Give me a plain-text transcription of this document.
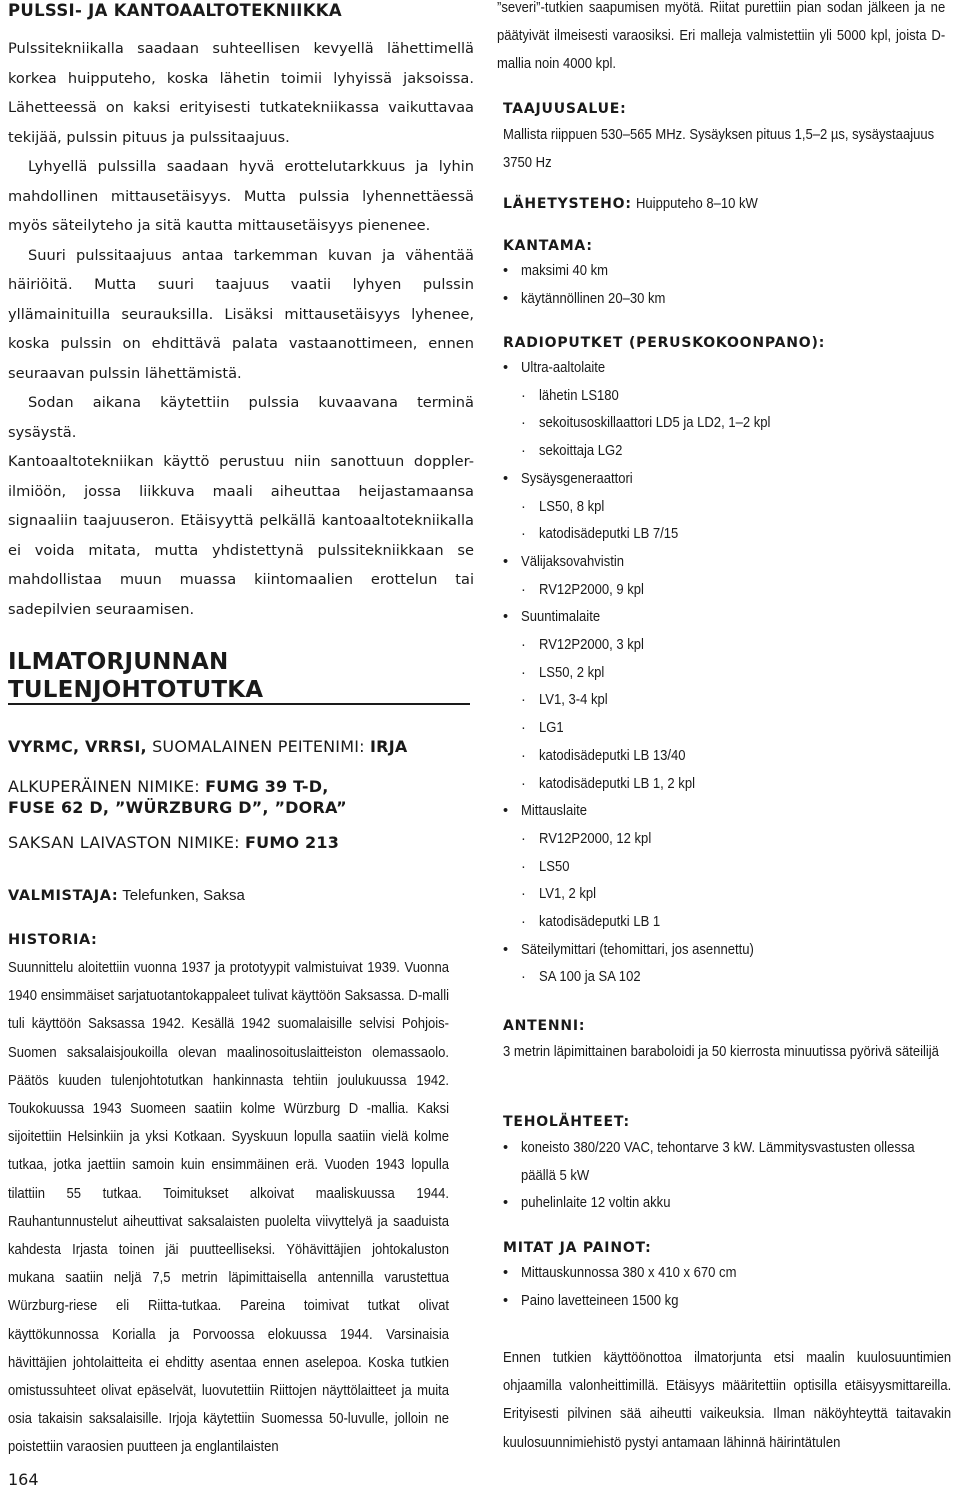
PULSSI- JA KANTOAALTOTEKNIIKKA

Pulssitekniikalla saadaan suhteellisen kevyellä lähettimellä korkea huipputeho, koska lähetin toimii lyhyissä jaksoissa. Lähetteessä on kaksi erityisesti tutkatekniikassa vaikuttavaa tekijää, pulssin pituus ja pulssitaajuus.

Lyhyellä pulssilla saadaan hyvä erottelutarkkuus ja lyhin mahdollinen mittausetäisyys. Mutta pulssia lyhennettäessä myös säteilyteho ja sitä kautta mittausetäisyys pienenee.

Suuri pulssitaajuus antaa tarkemman kuvan ja vähentää häiriöitä. Mutta suuri taajuus vaatii lyhyen pulssin yllämainituilla seurauksilla. Lisäksi mittausetäisyys lyhenee, koska pulssin on ehdittävä palata vastaanottimeen, ennen seuraavan pulssin lähettämistä.

Sodan aikana käytettiin pulssia kuvaavana terminä sysäystä.

Kantoaaltotekniikan käyttö perustuu niin sanottuun doppler-ilmiöön, jossa liikkuva maali aiheuttaa heijastamaansa signaaliin taajuuseron. Etäisyyttä pelkällä kantoaaltotekniikalla ei voida mitata, mutta yhdistettynä pulssitekniikkaan se mahdollistaa muun muassa kiintomaalien erottelun tai sadepilvien seuraamisen.

ILMATORJUNNAN
TULENJOHTOTUTKA
VYRMC, VRRSI, SUOMALAINEN PEITENIMI: IRJA
ALKUPERÄINEN NIMIKE: FUMG 39 T-D,
FUSE 62 D, ”WÜRZBURG D”, ”DORA”
SAKSAN LAIVASTON NIMIKE: FUMO 213
VALMISTAJA: Telefunken, Saksa
HISTORIA:
Suunnittelu aloitettiin vuonna 1937 ja prototyypit valmistuivat 1939. Vuonna 1940 ensimmäiset sarjatuotantokappaleet tulivat käyttöön Saksassa. D-malli tuli käyttöön Saksassa 1942. Kesällä 1942 suomalaisille selvisi Pohjois-Suomen saksalaisjoukoilla olevan maalinosoituslaitteiston olemassaolo. Päätös kuuden tulenjohtotutkan hankinnasta tehtiin joulukuussa 1942. Toukokuussa 1943 Suomeen saatiin kolme Würzburg D -mallia. Kaksi sijoitettiin Helsinkiin ja yksi Kotkaan. Syyskuun lopulla saatiin vielä kolme tutkaa, jotka jaettiin samoin kuin ensimmäinen erä. Vuoden 1943 lopulla tilattiin 55 tutkaa. Toimitukset alkoivat maaliskuussa 1944. Rauhantunnustelut aiheuttivat saksalaisten puolelta viivyttelyä ja saaduista kahdesta Irjasta toinen jäi puutteelliseksi. Yöhävittäjien johtokaluston mukana saatiin neljä 7,5 metrin läpimittaisella antennilla varustettua Würzburg-riese eli Riitta-tutkaa. Pareina toimivat tutkat olivat käyttökunnossa Korialla ja Porvoossa elokuussa 1944. Varsinaisia hävittäjien johtolaitteita ei ehditty asentaa ennen aselepoa. Koska tutkien omistussuhteet olivat epäselvät, luovutettiin Riittojen näyttölaitteet ja muita osia takaisin saksalaisille. Irjoja käytettiin Suomessa 50-luvulle, jolloin ne poistettiin varaosien puutteen ja englantilaisten
164
”severi”-tutkien saapumisen myötä. Riitat purettiin pian sodan jälkeen ja ne päätyivät ilmeisesti varaosiksi. Eri malleja valmistettiin yli 5000 kpl, joista D-mallia noin 4000 kpl.
TAAJUUSALUE:
Mallista riippuen 530–565 MHz. Sysäyksen pituus 1,5–2 µs, sysäystaajuus 3750 Hz
LÄHETYSTEHO: Huipputeho 8–10 kW
KANTAMA:
• maksimi 40 km
• käytännöllinen 20–30 km
RADIOPUTKET (PERUSKOKOONPANO):
• Ultra-aaltolaite
· lähetin LS180
· sekoitusoskillaattori LD5 ja LD2, 1–2 kpl
· sekoittaja LG2
• Sysäysgeneraattori
· LS50, 8 kpl
· katodisädeputki LB 7/15
• Välijaksovahvistin
· RV12P2000, 9 kpl
• Suuntimalaite
· RV12P2000, 3 kpl
· LS50, 2 kpl
· LV1, 3-4 kpl
· LG1
· katodisädeputki LB 13/40
· katodisädeputki LB 1, 2 kpl
• Mittauslaite
· RV12P2000, 12 kpl
· LS50
· LV1, 2 kpl
· katodisädeputki LB 1
• Säteilymittari (tehomittari, jos asennettu)
· SA 100 ja SA 102
ANTENNI:
3 metrin läpimittainen baraboloidi ja 50 kierrosta minuutissa pyörivä säteilijä
TEHOLÄHTEET:
• koneisto 380/220 VAC, tehontarve 3 kW. Lämmitysvastusten ollessa päällä 5 kW
• puhelinlaite 12 voltin akku
MITAT JA PAINOT:
• Mittauskunnossa 380 x 410 x 670 cm
• Paino lavetteineen 1500 kg
Ennen tutkien käyttöönottoa ilmatorjunta etsi maalin kuulosuuntimien ohjaamilla valonheittimillä. Etäisyys määritettiin optisilla etäisyysmittareilla. Erityisesti pilvinen sää aiheutti vaikeuksia. Ilman näköyhteyttä taitavakin kuulosuunnimiehistö pystyi antamaan lähinnä häirintätulen
